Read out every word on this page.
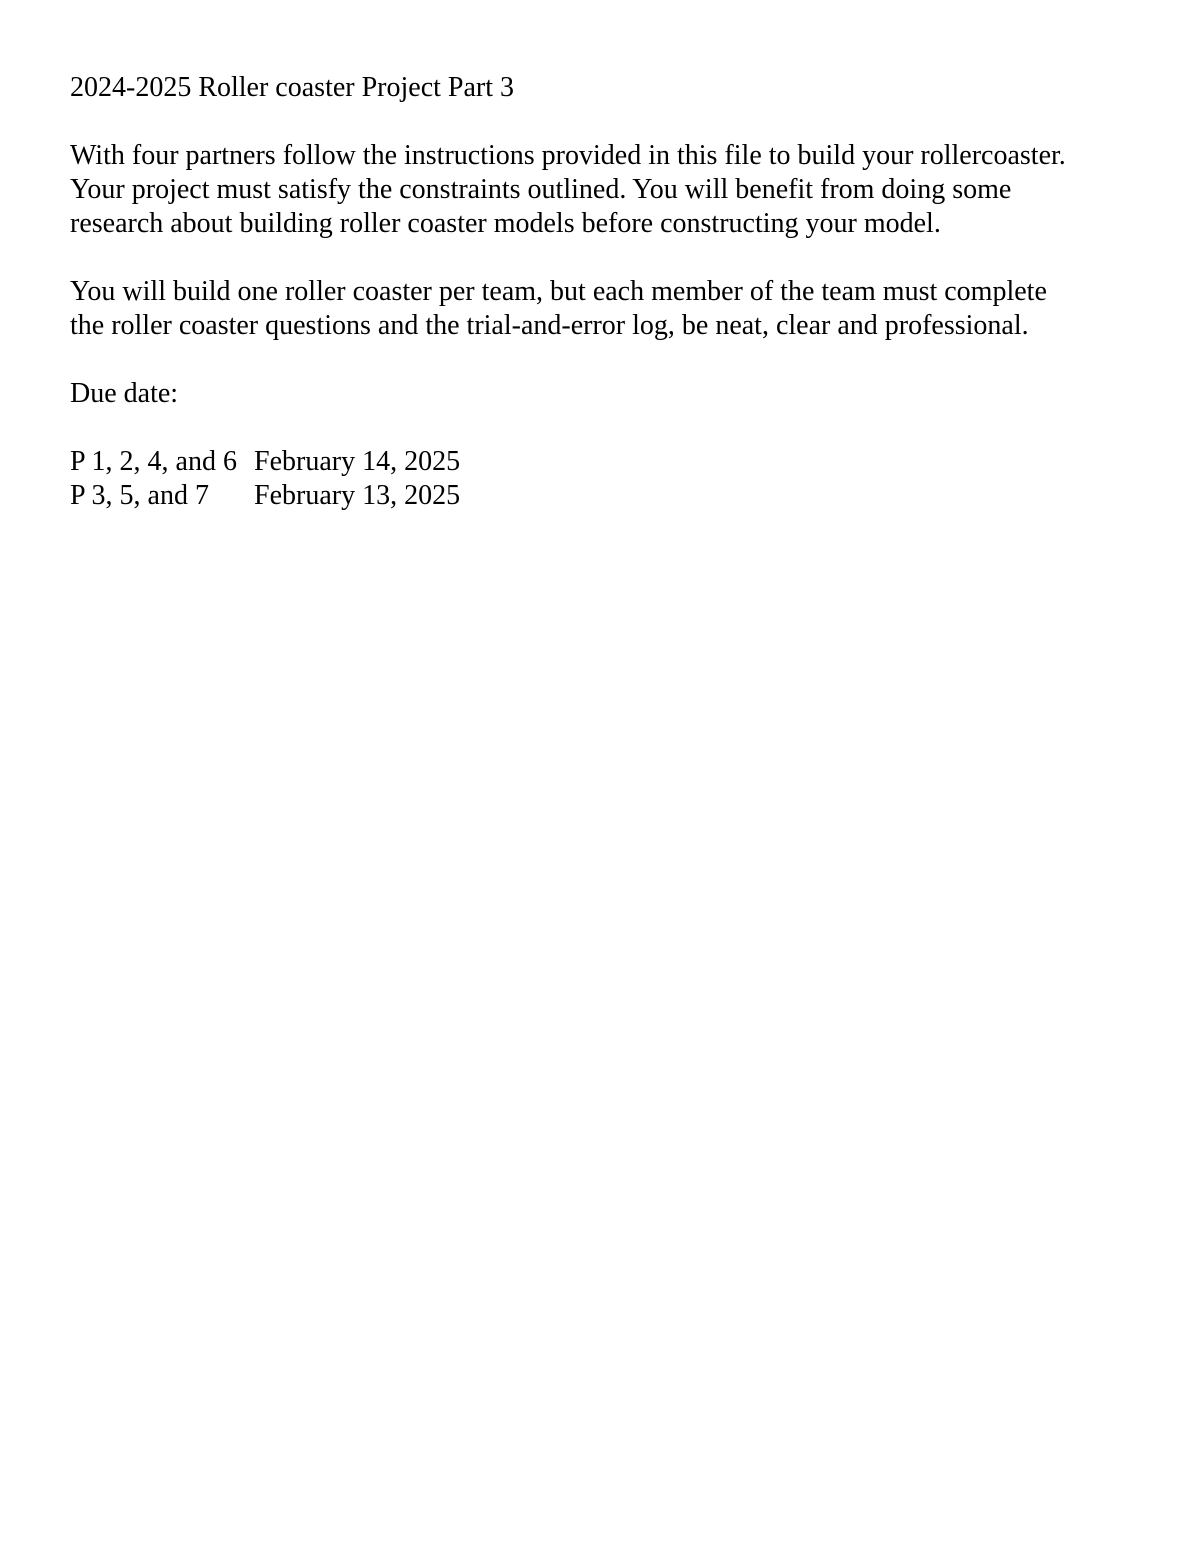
2024-2025 Roller coaster Project Part 3
With four partners follow the instructions provided in this file to build your rollercoaster.
Your project must satisfy the constraints outlined. You will benefit from doing some
research about building roller coaster models before constructing your model.
You will build one roller coaster per team, but each member of the team must complete
the roller coaster questions and the trial-and-error log, be neat, clear and professional.
Due date:
P 1, 2, 4, and 6 February 14, 2025
P 3, 5, and 7 February 13, 2025
